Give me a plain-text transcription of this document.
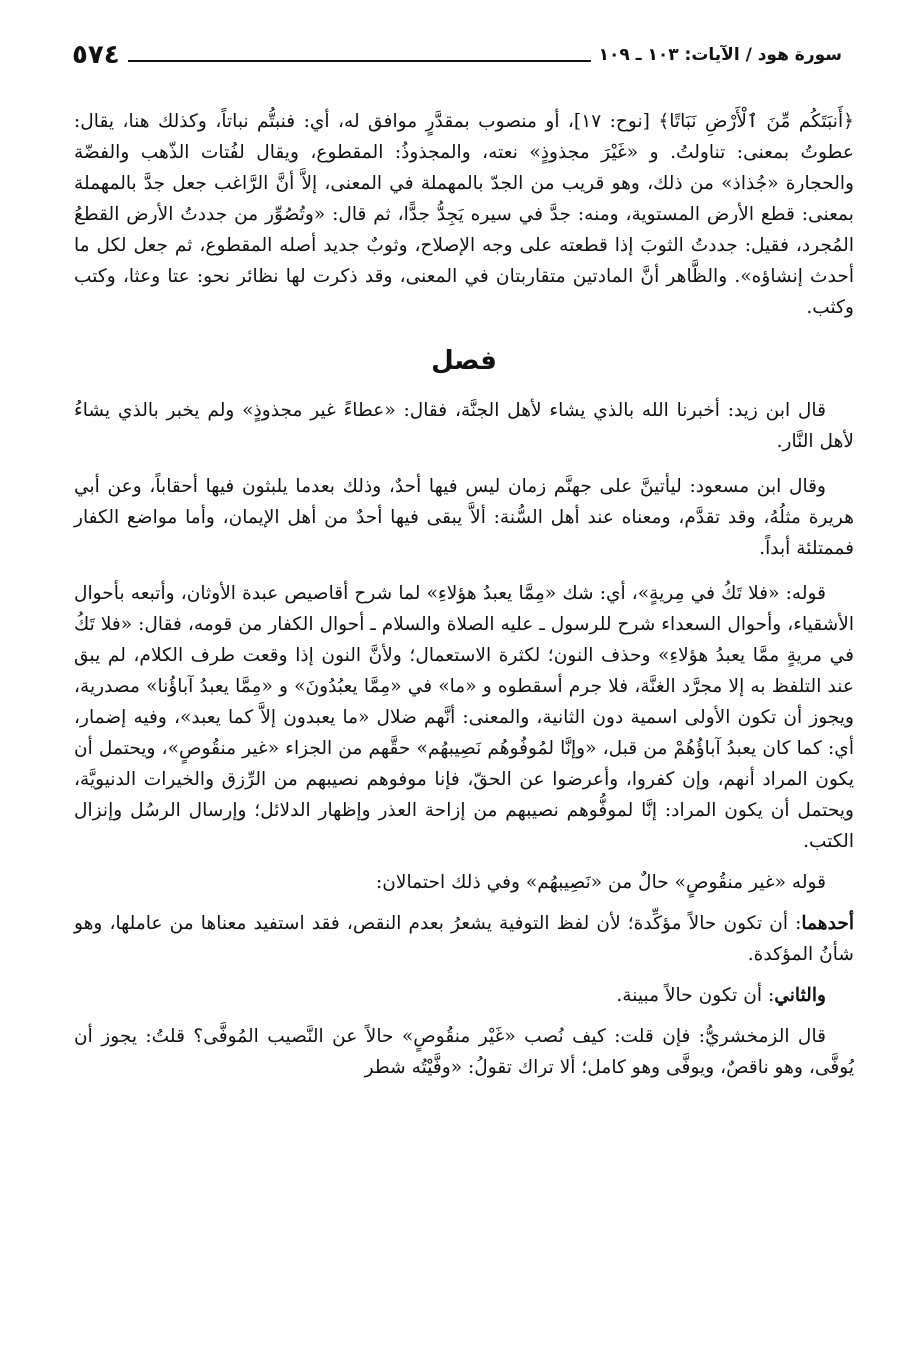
سورة هود / الآيات: ١٠٣ ـ ١٠٩
٥٧٤

﴿أَنبَتَكُم مِّنَ ٱلْأَرْضِ نَبَاتًا﴾ [نوح: ١٧]، أو منصوب بمقدَّرٍ موافق له، أي: فنبتُّم نباتاً، وكذلك هنا، يقال: عطوتُ بمعنى: تناولتُ. و «غَيْرَ مجذوذٍ» نعته، والمجذوذُ: المقطوع، ويقال لفُتات الذّهب والفضّة والحجارة «جُذاذ» من ذلك، وهو قريب من الجدّ بالمهملة في المعنى، إلاَّ أنَّ الرَّاغب جعل جدَّ بالمهملة بمعنى: قطع الأرض المستوية، ومنه: جدَّ في سيره يَجِدُّ جدًّا، ثم قال: «وتُصُوِّر من جددتُ الأرض القطعُ المُجرد، فقيل: جددتُ الثوبَ إذا قطعته على وجه الإصلاح، وثوبٌ جديد أصله المقطوع، ثم جعل لكل ما أحدث إنشاؤه». والظَّاهر أنَّ المادتين متقاربتان في المعنى، وقد ذكرت لها نظائر نحو: عتا وعثا، وكتب وكثب.

فصل

قال ابن زيد: أخبرنا الله بالذي يشاء لأهل الجنَّة، فقال: «عطاءً غير مجذوذٍ» ولم يخبر بالذي يشاءُ لأهل النَّار.

وقال ابن مسعود: ليأتينَّ على جهنَّم زمان ليس فيها أحدٌ، وذلك بعدما يلبثون فيها أحقاباً، وعن أبي هريرة مثلُهُ، وقد تقدَّم، ومعناه عند أهل السُّنة: ألاَّ يبقى فيها أحدٌ من أهل الإيمان، وأما مواضع الكفار فممتلئة أبداً.

قوله: «فلا تَكُ في مِريةٍ»، أي: شك «مِمَّا يعبدُ هؤلاءِ» لما شرح أقاصيص عبدة الأوثان، وأتبعه بأحوال الأشقياء، وأحوال السعداء شرح للرسول ـ عليه الصلاة والسلام ـ أحوال الكفار من قومه، فقال: «فلا تَكُ في مريةٍ ممَّا يعبدُ هؤلاءِ» وحذف النون؛ لكثرة الاستعمال؛ ولأنَّ النون إذا وقعت طرف الكلام، لم يبق عند التلفظ به إلا مجرَّد الغنَّة، فلا جرم أسقطوه و «ما» في «مِمَّا يعبُدُونَ» و «مِمَّا يعبدُ آباؤُنا» مصدرية، ويجوز أن تكون الأولى اسمية دون الثانية، والمعنى: أنَّهم ضلال «ما يعبدون إلاَّ كما يعبد»، وفيه إضمار، أي: كما كان يعبدُ آباؤُهُمْ من قبل، «وإنَّا لمُوفُوهُم نَصِيبهُم» حقَّهم من الجزاء «غير منقُوصٍ»، ويحتمل أن يكون المراد أنهم، وإن كفروا، وأعرضوا عن الحقّ، فإنا موفوهم نصيبهم من الرِّزق والخيرات الدنيويَّة، ويحتمل أن يكون المراد: إنَّا لموفُّوهم نصيبهم من إزاحة العذر وإظهار الدلائل؛ وإرسال الرسُل وإنزال الكتب.

قوله «غير منقُوصٍ» حالٌ من «نَصِيبهُم» وفي ذلك احتمالان:

أحدهما: أن تكون حالاً مؤكِّدة؛ لأن لفظ التوفية يشعرُ بعدم النقص، فقد استفيد معناها من عاملها، وهو شأنُ المؤكدة.

والثاني: أن تكون حالاً مبينة.

قال الزمخشريُّ: فإن قلت: كيف نُصب «غَيْر منقُوصٍ» حالاً عن النَّصيب المُوفَّى؟ قلتُ: يجوز أن يُوفَّى، وهو ناقصٌ، ويوفَّى وهو كامل؛ ألا تراك تقولُ: «وفَّيْتُه شطر
